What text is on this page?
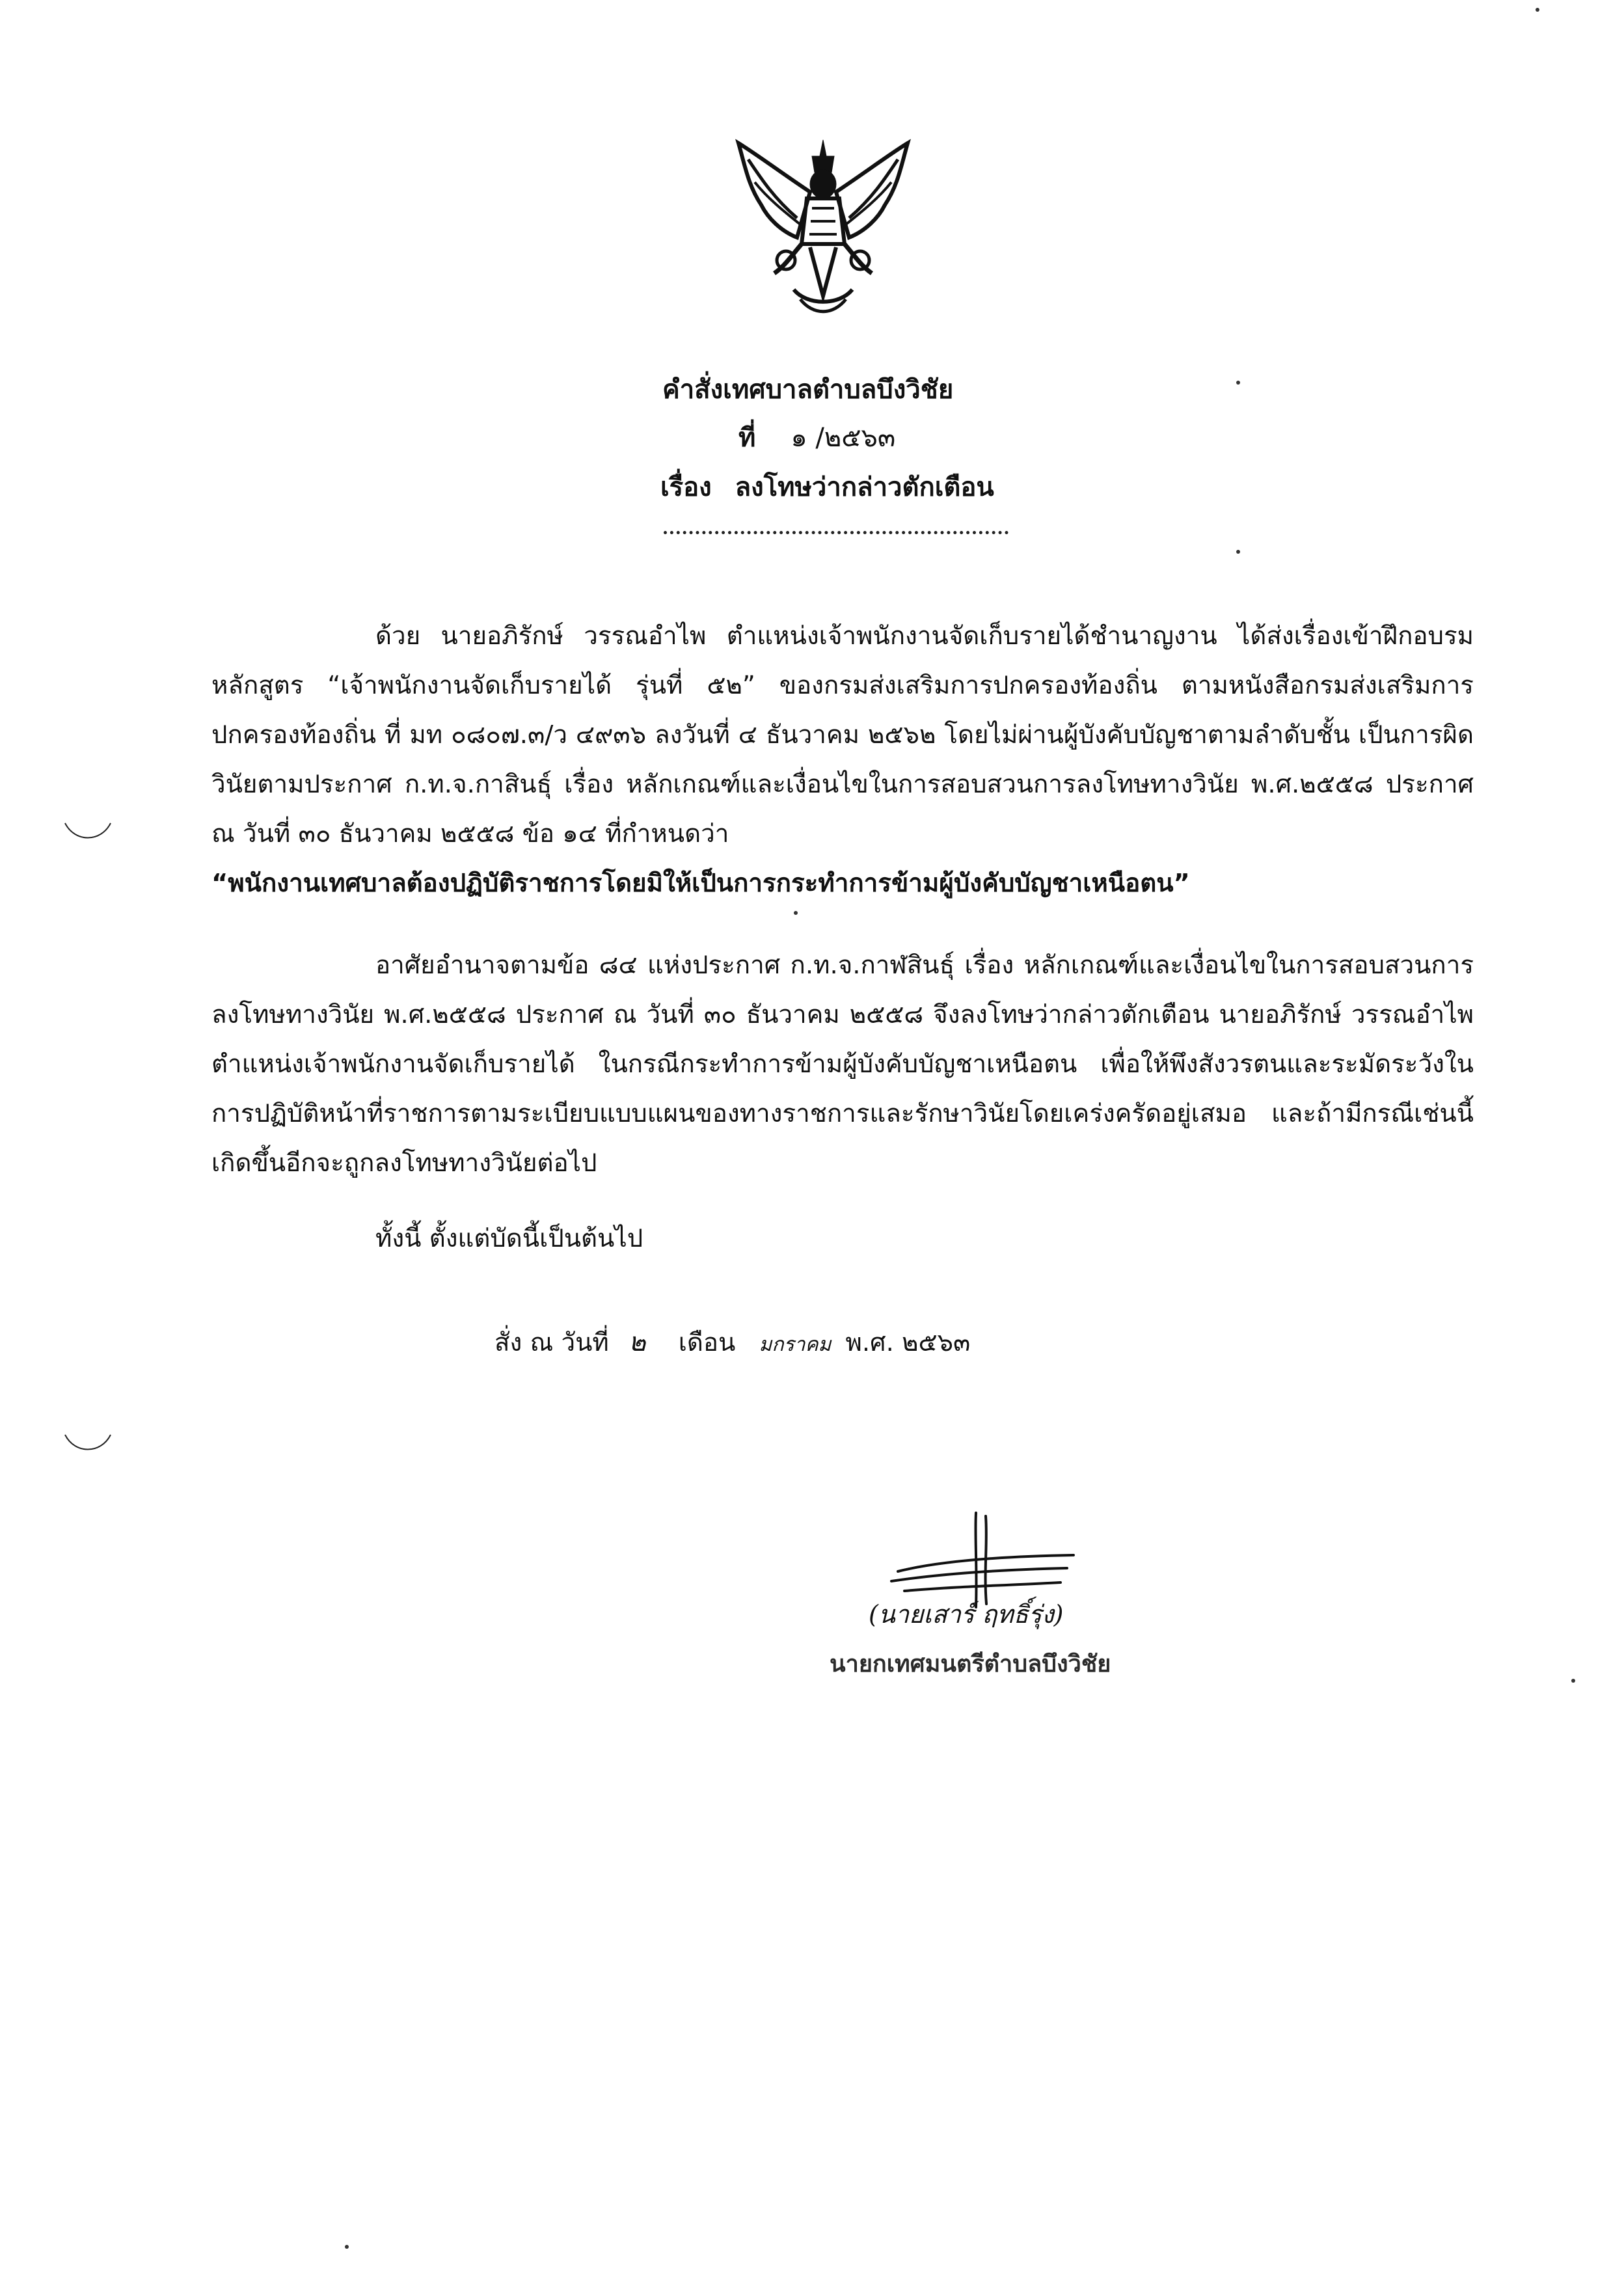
คำสั่งเทศบาลตำบลบึงวิชัย
ที่ ๑ /๒๕๖๓
เรื่อง ลงโทษว่ากล่าวตักเตือน
ด้วย นายอภิรักษ์ วรรณอำไพ ตำแหน่งเจ้าพนักงานจัดเก็บรายได้ชำนาญงาน ได้ส่งเรื่องเข้าฝึกอบรมหลักสูตร “เจ้าพนักงานจัดเก็บรายได้ รุ่นที่ ๕๒” ของกรมส่งเสริมการปกครองท้องถิ่น ตามหนังสือกรมส่งเสริมการปกครองท้องถิ่น ที่ มท ๐๘๐๗.๓/ว ๔๙๓๖ ลงวันที่ ๔ ธันวาคม ๒๕๖๒ โดยไม่ผ่านผู้บังคับบัญชาตามลำดับชั้น เป็นการผิดวินัยตามประกาศ ก.ท.จ.กาสินธุ์ เรื่อง หลักเกณฑ์และเงื่อนไขในการสอบสวนการลงโทษทางวินัย พ.ศ.๒๕๕๘ ประกาศ ณ วันที่ ๓๐ ธันวาคม ๒๕๕๘ ข้อ ๑๔ ที่กำหนดว่า
“พนักงานเทศบาลต้องปฏิบัติราชการโดยมิให้เป็นการกระทำการข้ามผู้บังคับบัญชาเหนือตน”
อาศัยอำนาจตามข้อ ๘๔ แห่งประกาศ ก.ท.จ.กาฬสินธุ์ เรื่อง หลักเกณฑ์และเงื่อนไขในการสอบสวนการลงโทษทางวินัย พ.ศ.๒๕๕๘ ประกาศ ณ วันที่ ๓๐ ธันวาคม ๒๕๕๘ จึงลงโทษว่ากล่าวตักเตือน นายอภิรักษ์ วรรณอำไพ ตำแหน่งเจ้าพนักงานจัดเก็บรายได้ ในกรณีกระทำการข้ามผู้บังคับบัญชาเหนือตน เพื่อให้พึงสังวรตนและระมัดระวังในการปฏิบัติหน้าที่ราชการตามระเบียบแบบแผนของทางราชการและรักษาวินัยโดยเคร่งครัดอยู่เสมอ และถ้ามีกรณีเช่นนี้เกิดขึ้นอีกจะถูกลงโทษทางวินัยต่อไป
ทั้งนี้ ตั้งแต่บัดนี้เป็นต้นไป
สั่ง ณ วันที่ ๒ เดือน มกราคม พ.ศ. ๒๕๖๓
(นายเสาร์ ฤทธิ์รุ่ง)
นายกเทศมนตรีตำบลบึงวิชัย
